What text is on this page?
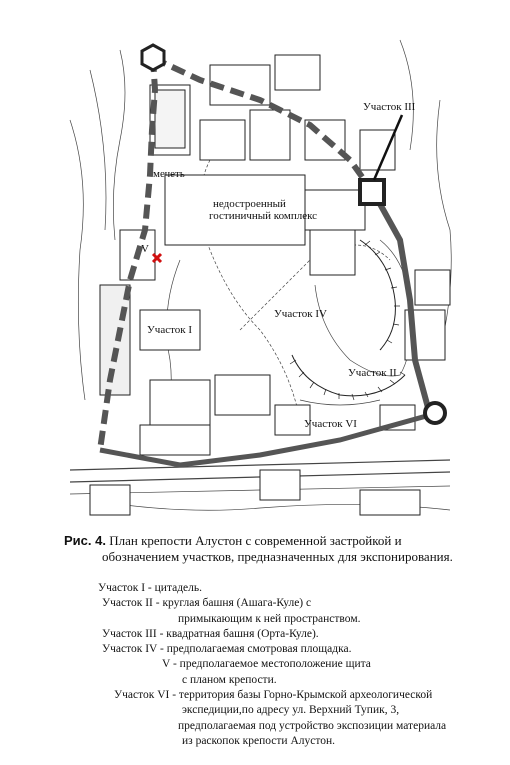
Участок III
мечеть
недостроенный
гостиничный комплекс
V
Участок IV
Участок I
Участок II
Участок VI
Рис. 4. План крепости Алустон с современной застройкой и
обозначением участков, предназначенных для экспонирования.
Участок I - цитадель.
Участок II - круглая башня (Ашага-Куле) с
примыкающим к ней пространством.
Участок III - квадратная башня (Орта-Куле).
Участок IV - предполагаемая смотровая площадка.
V - предполагаемое местоположение щита
с планом крепости.
Участок VI - территория базы Горно-Крымской археологической
экспедиции,по адресу ул. Верхний Тупик, 3,
предполагаемая под устройство экспозиции материала
из раскопок крепости Алустон.
